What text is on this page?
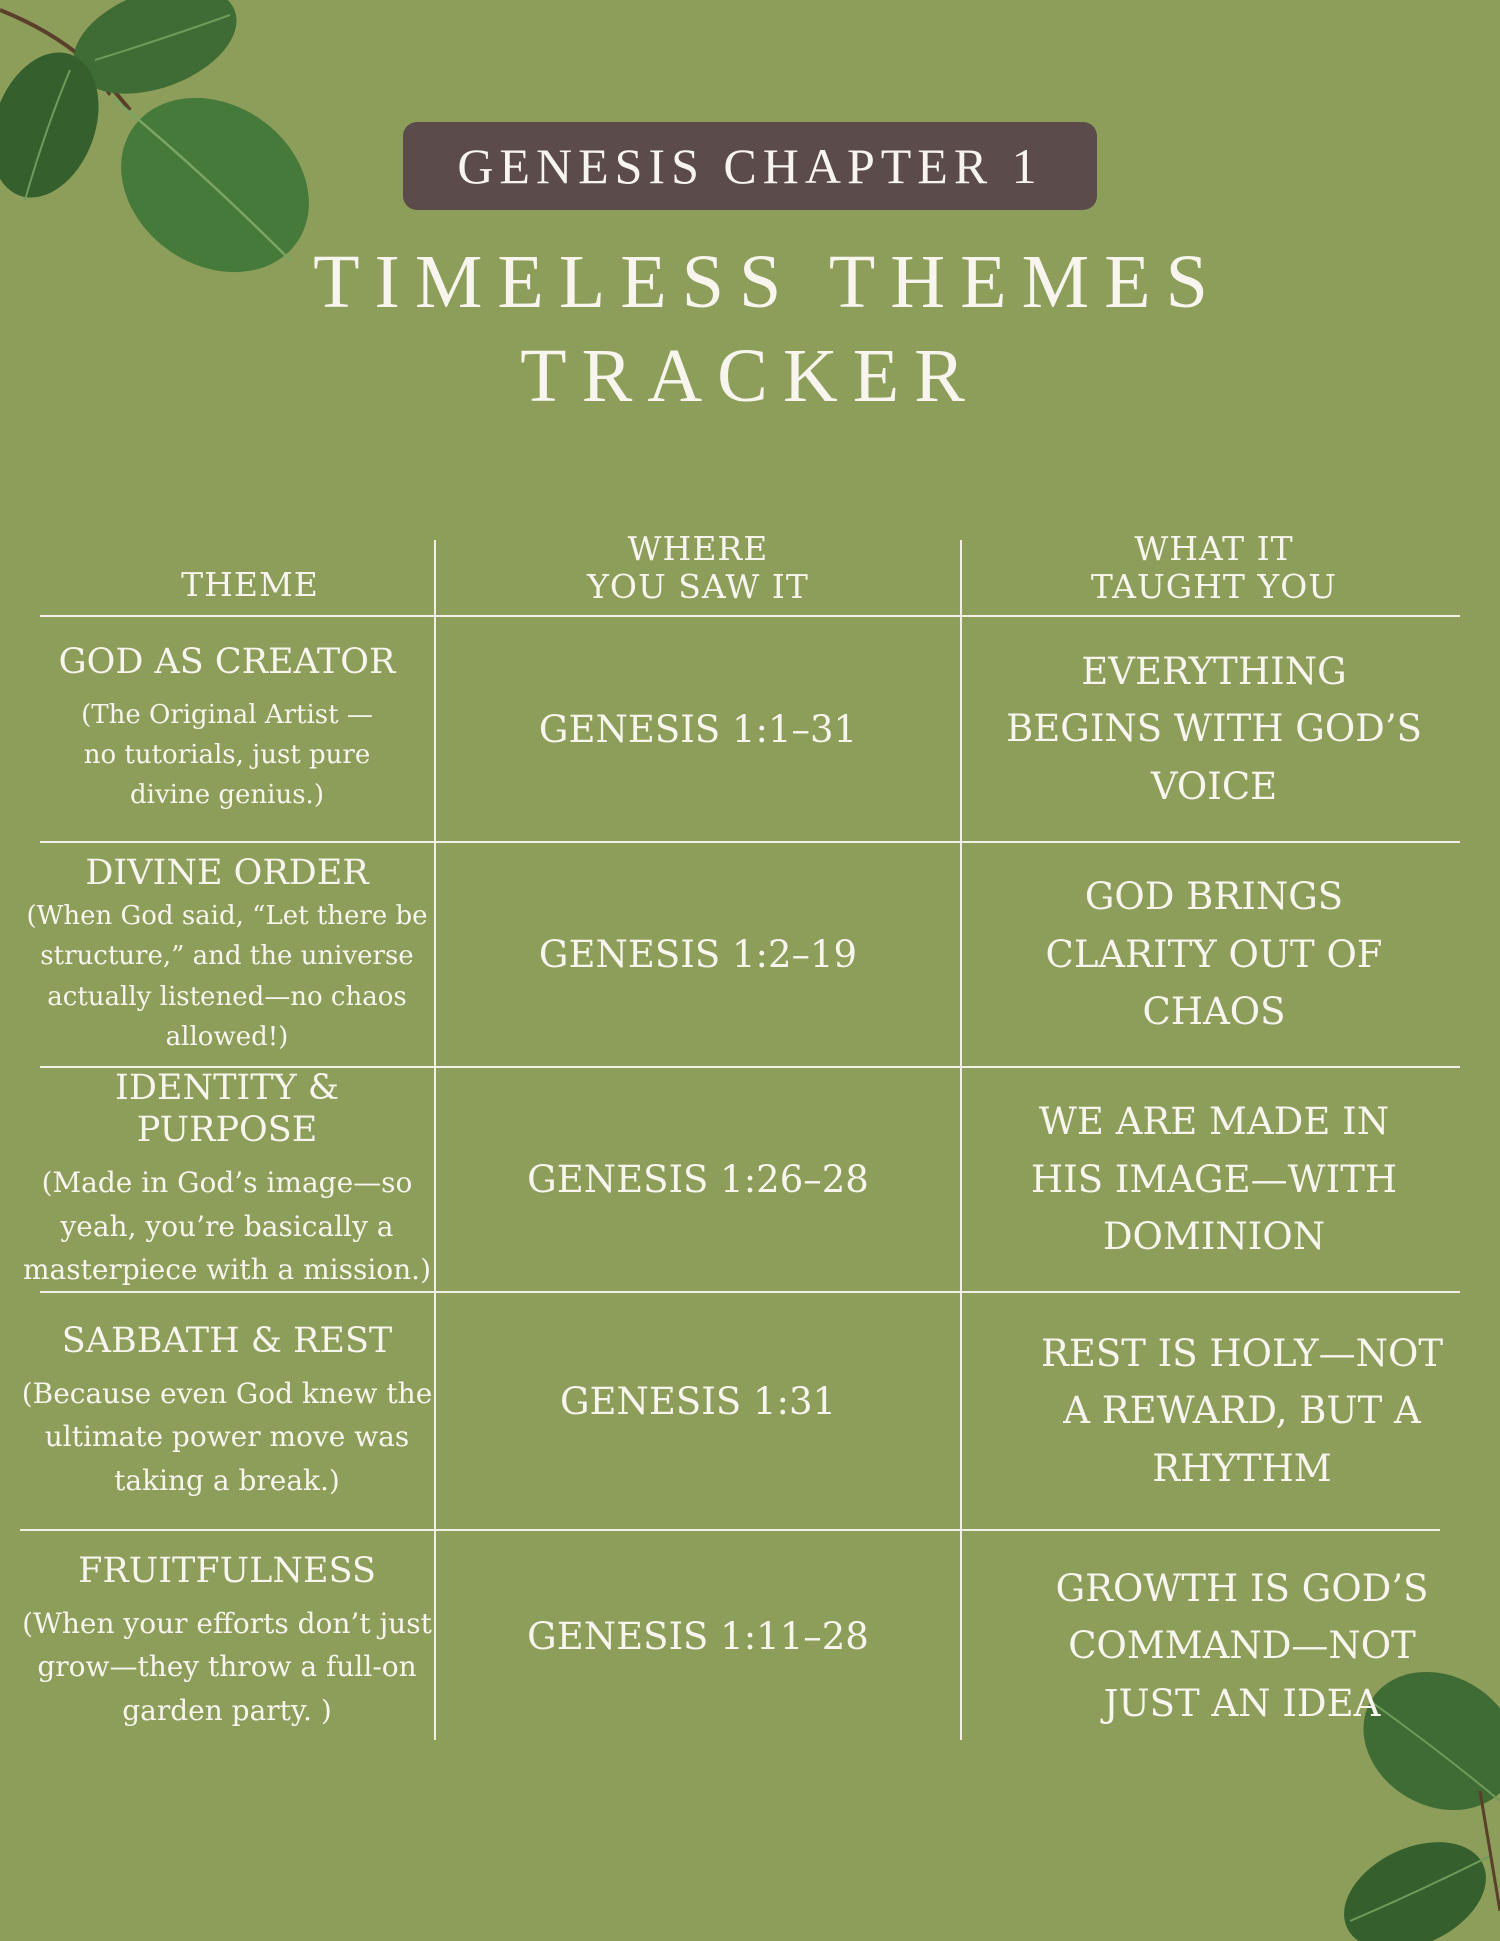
GENESIS CHAPTER 1
TIMELESS THEMES
TRACKER
THEME
WHERE
YOU SAW IT
WHAT IT
TAUGHT YOU
GOD AS CREATOR
(The Original Artist —
no tutorials, just pure
divine genius.)
GENESIS 1:1–31
EVERYTHING
BEGINS WITH GOD’S
VOICE
DIVINE ORDER
(When God said, “Let there be
structure,” and the universe
actually listened—no chaos
allowed!)
GENESIS 1:2–19
GOD BRINGS
CLARITY OUT OF
CHAOS
IDENTITY & PURPOSE
(Made in God’s image—so
yeah, you’re basically a
masterpiece with a mission.)
GENESIS 1:26–28
WE ARE MADE IN
HIS IMAGE—WITH
DOMINION
SABBATH & REST
(Because even God knew the
ultimate power move was
taking a break.)
GENESIS 1:31
REST IS HOLY—NOT
A REWARD, BUT A
RHYTHM
FRUITFULNESS
(When your efforts don’t just
grow—they throw a full-on
garden party. )
GENESIS 1:11–28
GROWTH IS GOD’S
COMMAND—NOT
JUST AN IDEA
